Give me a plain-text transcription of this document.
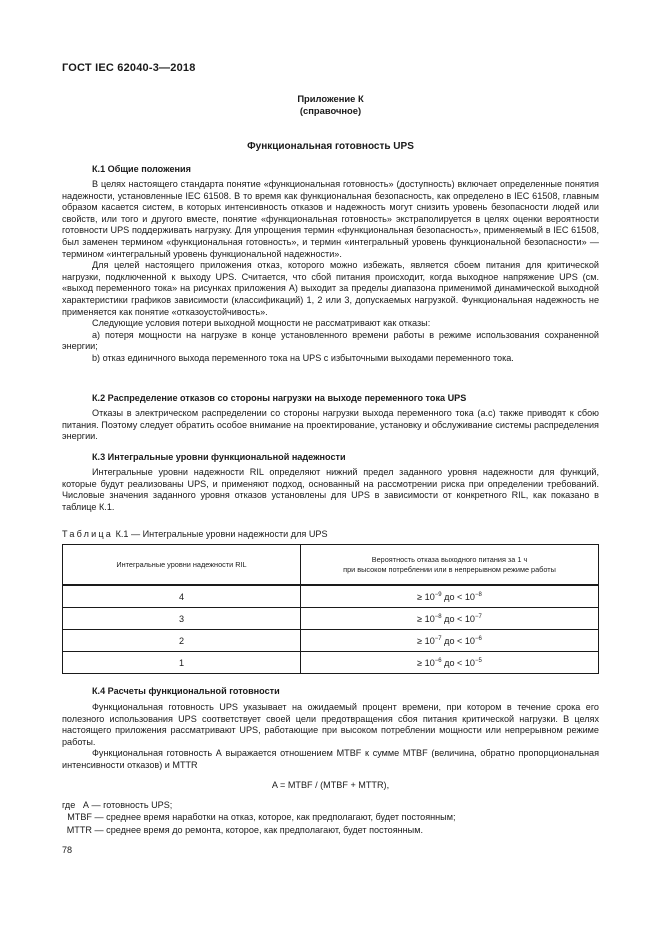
ГОСТ IEC 62040-3—2018
Приложение К
(справочное)
Функциональная готовность UPS
К.1 Общие положения

В целях настоящего стандарта понятие «функциональная готовность» (доступность) включает определенные понятия надежности, установленные IEC 61508. В то время как функциональная безопасность, как определено в IEC 61508, главным образом касается систем, в которых интенсивность отказов и надежность могут снизить уровень безопасности людей или свойств, или того и другого вместе, понятие «функциональная готовность» экстраполируется в целях оценки вероятности готовности UPS поддерживать нагрузку. Для упрощения термин «функциональная безопасность», применяемый в IEC 61508, был заменен термином «функциональная готовность», и термин «интегральный уровень функциональной безопасности» — термином «интегральный уровень функциональной надежности».

Для целей настоящего приложения отказ, которого можно избежать, является сбоем питания для критической нагрузки, подключенной к выходу UPS. Считается, что сбой питания происходит, когда выходное напряжение UPS (см. «выход переменного тока» на рисунках приложения А) выходит за пределы диапазона применимой динамической выходной характеристики графиков зависимости (классификаций) 1, 2 или 3, допускаемых нагрузкой. Функциональная надежность не применяется как понятие «отказоустойчивость».

Следующие условия потери выходной мощности не рассматривают как отказы:

а) потеря мощности на нагрузке в конце установленного времени работы в режиме использования сохраненной энергии;

b) отказ единичного выхода переменного тока на UPS с избыточными выходами переменного тока.

К.2 Распределение отказов со стороны нагрузки на выходе переменного тока UPS

Отказы в электрическом распределении со стороны нагрузки выхода переменного тока (а.с) также приводят к сбою питания. Поэтому следует обратить особое внимание на проектирование, установку и обслуживание системы распределения энергии.

К.3 Интегральные уровни функциональной надежности

Интегральные уровни надежности RIL определяют нижний предел заданного уровня надежности для функций, которые будут реализованы UPS, и применяют подход, основанный на рассмотрении риска при определении требований. Числовые значения заданного уровня отказов установлены для UPS в зависимости от конкретного RIL, как показано в таблице К.1.

Таблица К.1 — Интегральные уровни надежности для UPS
Интегральные уровни надежности RIL	Вероятность отказа выходного питания за 1 ч
при высоком потреблении или в непрерывном режиме работы

4	≥ $10^{-9}$ до < $10^{-8}$
3	≥ $10^{-8}$ до < $10^{-7}$
2	≥ $10^{-7}$ до < $10^{-6}$
1	≥ $10^{-6}$ до < $10^{-5}$
К.4 Расчеты функциональной готовности

Функциональная готовность UPS указывает на ожидаемый процент времени, при котором в течение срока его полезного использования UPS соответствует своей цели предотвращения сбоя питания критической нагрузки. В целях настоящего приложения рассматривают UPS, работающие при высоком потреблении мощности или непрерывном режиме работы.

Функциональная готовность А выражается отношением MTBF к сумме MTBF (величина, обратно пропорциональная интенсивности отказов) и MTTR

A = MTBF / (MTBF + MTTR),
где A — готовность UPS;
MTBF — среднее время наработки на отказ, которое, как предполагают, будет постоянным;
MTTR — среднее время до ремонта, которое, как предполагают, будет постоянным.
78
